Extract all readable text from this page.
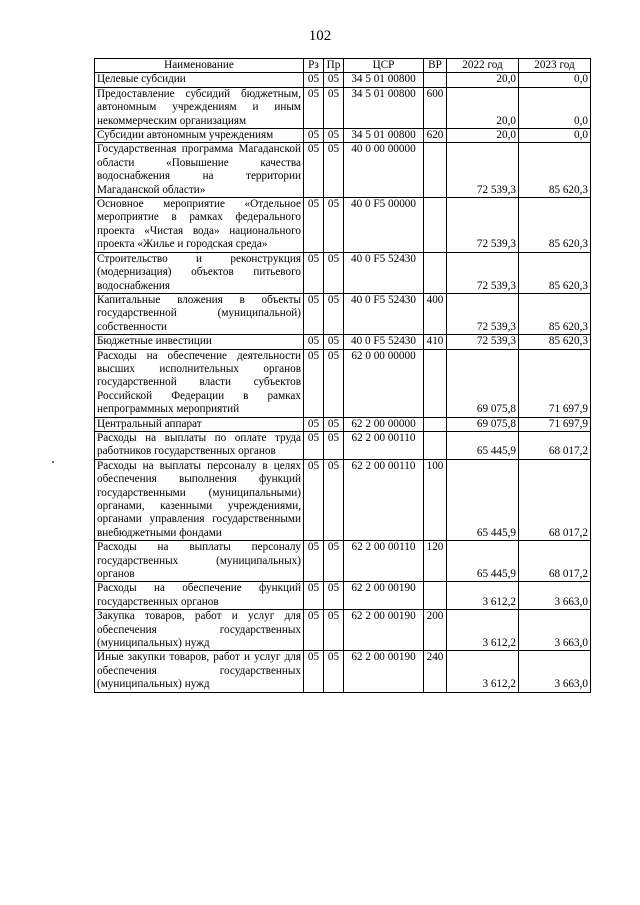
102
Наименование	Рз	Пр	ЦСР	ВР	2022 год	2023 год
Целевые субсидии	05	05	34 5 01 00800		20,0	0,0
Предоставление субсидий бюджетным, автономным учреждениям и иным некоммерческим организациям	05	05	34 5 01 00800	600	20,0	0,0
Субсидии автономным учреждениям	05	05	34 5 01 00800	620	20,0	0,0
Государственная программа Магаданской области «Повышение качества водоснабжения на территории Магаданской области»	05	05	40 0 00 00000		72 539,3	85 620,3
Основное мероприятие «Отдельное мероприятие в рамках федерального проекта «Чистая вода» национального проекта «Жилье и городская среда»	05	05	40 0 F5 00000		72 539,3	85 620,3
Строительство и реконструкция (модернизация) объектов питьевого водоснабжения	05	05	40 0 F5 52430		72 539,3	85 620,3
Капитальные вложения в объекты государственной (муниципальной) собственности	05	05	40 0 F5 52430	400	72 539,3	85 620,3
Бюджетные инвестиции	05	05	40 0 F5 52430	410	72 539,3	85 620,3
Расходы на обеспечение деятельности высших исполнительных органов государственной власти субъектов Российской Федерации в рамках непрограммных мероприятий	05	05	62 0 00 00000		69 075,8	71 697,9
Центральный аппарат	05	05	62 2 00 00000		69 075,8	71 697,9
Расходы на выплаты по оплате труда работников государственных органов	05	05	62 2 00 00110		65 445,9	68 017,2
Расходы на выплаты персоналу в целях обеспечения выполнения функций государственными (муниципальными) органами, казенными учреждениями, органами управления государственными внебюджетными фондами	05	05	62 2 00 00110	100	65 445,9	68 017,2
Расходы на выплаты персоналу государственных (муниципальных) органов	05	05	62 2 00 00110	120	65 445,9	68 017,2
Расходы на обеспечение функций государственных органов	05	05	62 2 00 00190		3 612,2	3 663,0
Закупка товаров, работ и услуг для обеспечения государственных (муниципальных) нужд	05	05	62 2 00 00190	200	3 612,2	3 663,0
Иные закупки товаров, работ и услуг для обеспечения государственных (муниципальных) нужд	05	05	62 2 00 00190	240	3 612,2	3 663,0
